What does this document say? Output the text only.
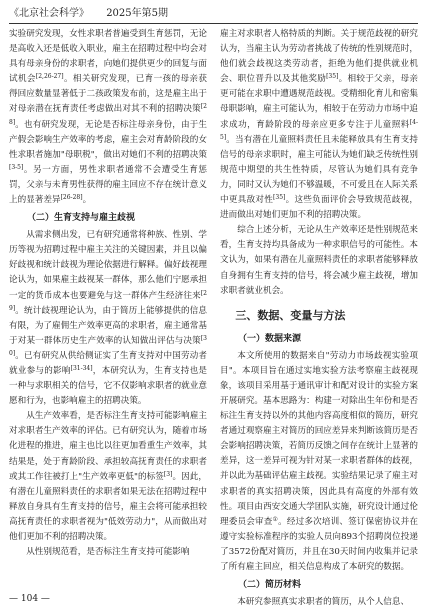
《北京社会科学》 2025年第5期

实验研究发现，女性求职者普遍受到生育惩罚，无论是高收入还是低收入职业，雇主在招聘过程中均会对具有母亲身份的求职者，向她们提供更少的回复与面试机会[2,26-27]。相关研究发现，已育一孩的母亲获得回应数量显著低于二孩政策发布前，这是雇主出于对母亲潜在抚育责任考虑做出对其不利的招聘决策[28]。也有研究发现，无论是否标注母亲身份，由于生产假会影响生产效率的考虑，雇主会对育龄阶段的女性求职者施加"母职税"，做出对她们不利的招聘决策[3-5]。另一方面，男性求职者通常不会遭受生育惩罚，父亲与未育男性获得的雇主回应不存在统计意义上的显著差异[26-28]。

（二）生育支持与雇主歧视

从需求侧出发，已有研究通常将种族、性别、学历等视为招聘过程中雇主关注的关键因素，并且以偏好歧视和统计歧视为理论依据进行解释。偏好歧视理论认为，如果雇主歧视某一群体，那么他们宁愿承担一定的货币成本也要避免与这一群体产生经济往来[29]。统计歧视理论认为，由于简历上能够提供的信息有限，为了雇佣生产效率更高的求职者，雇主通常基于对某一群体历史生产效率的认知做出评估与决策[30]。已有研究从供给侧证实了生育支持对中国劳动者就业参与的影响[31-34]，本研究认为，生育支持也是一种与求职相关的信号，它不仅影响求职者的就业意愿和行为，也影响雇主的招聘决策。

从生产效率看，是否标注生育支持可能影响雇主对求职者生产效率的评估。已有研究认为，随着市场化进程的推进，雇主也比以往更加看重生产效率，其结果是，处于育龄阶段、承担较高抚育责任的求职者或其工作往被打上"生产效率更低"的标签[3]。因此，有潜在儿童照料责任的求职者如果无法在招聘过程中释放自身具有生育支持的信号，雇主会将可能承担较高抚育责任的求职者视为"低效劳动力"，从而做出对他们更加不利的招聘决策。

从性别规范看，是否标注生育支持可能影响

雇主对求职者人格特质的判断。关于规范歧视的研究认为，当雇主认为劳动者挑战了传统的性别规范时，他们就会歧视这类劳动者，拒绝为他们提供就业机会、职位晋升以及其他奖励[35]。相较于父亲，母亲更可能在求职中遭遇规范歧视。受精细化育儿和密集母职影响，雇主可能认为，相较于在劳动力市场中追求成功，育龄阶段的母亲应更多专注于儿童照料[4-5]。当有潜在儿童照料责任且未能释放具有生育支持信号的母亲求职时，雇主可能认为她们缺乏传统性别规范中期望的共生性特质，尽管认为她们具有竞争力，同时又认为她们不够温暖，不可爱且在人际关系中更具敌对性[35]。这些负面评价会导致规范歧视，进而做出对她们更加不利的招聘决策。

综合上述分析，无论从生产效率还是性别规范来看，生育支持均具备成为一种求职信号的可能性。本文认为，如果有潜在儿童照料责任的求职者能够释放自身拥有生育支持的信号，将会减少雇主歧视，增加求职者就业机会。

三、数据、变量与方法
（一）数据来源

本文所使用的数据来自"劳动力市场歧视实验项目"。本项目旨在通过实地实验方法考察雇主歧视现象，该项目采用基于通讯审计和配对设计的实验方案开展研究。基本思路为：构建一对除出生年份和是否标注生育支持以外的其他内容高度相似的简历，研究者通过观察雇主对简历的回应差异来判断该简历是否会影响招聘决策，若简历反馈之间存在统计上显著的差异，这一差异可视为针对某一求职者群体的歧视，并以此为基础评估雇主歧视。实验结果记录了雇主对求职者的真实招聘决策，因此具有高度的外部有效性。项目由西安交通大学团队实施，研究设计通过伦理委员会审查①。经过多次培训、签订保密协议并在遵守实验标准程序的实验人员向893个招聘岗位投递了3572份配对简历，并且在30天时间内收集并记录了所有雇主回应，相关信息构成了本研究的数据。

（二）简历材料

本研究参照真实求职者的简历，从个人信息、

— 104 —
